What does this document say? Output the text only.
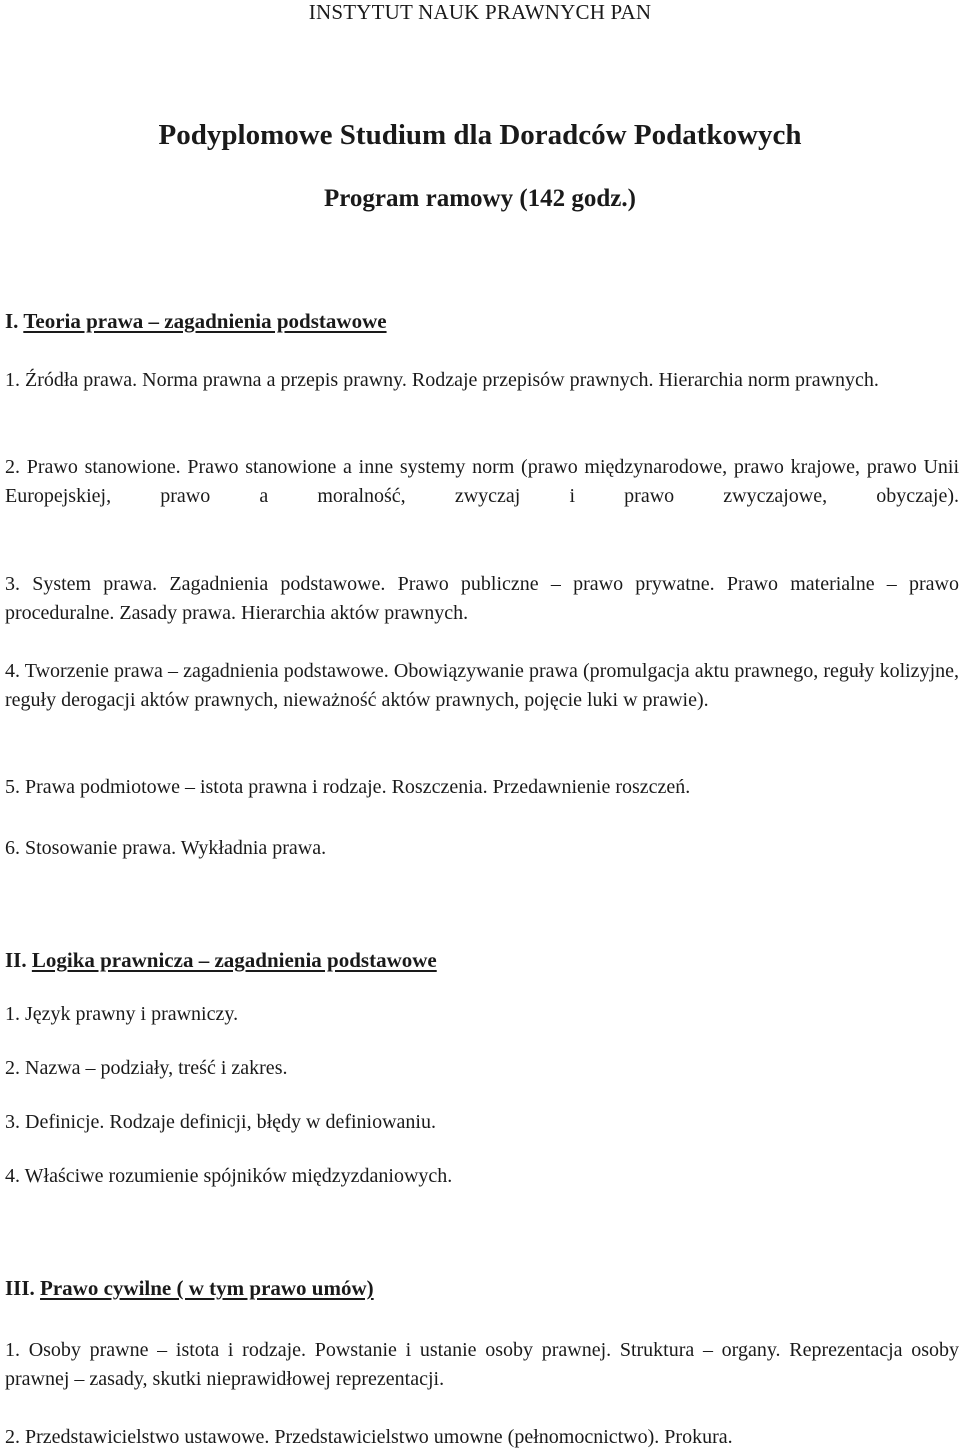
INSTYTUT NAUK PRAWNYCH PAN
Podyplomowe Studium dla Doradców Podatkowych
Program ramowy (142 godz.)
I. Teoria prawa – zagadnienia podstawowe
1. Źródła prawa. Norma prawna a przepis prawny. Rodzaje przepisów prawnych. Hierarchia norm prawnych.
2. Prawo stanowione. Prawo stanowione a inne systemy norm (prawo międzynarodowe, prawo krajowe, prawo Unii Europejskiej, prawo a moralność, zwyczaj i prawo zwyczajowe, obyczaje).
3. System prawa. Zagadnienia podstawowe. Prawo publiczne – prawo prywatne. Prawo materialne – prawo proceduralne. Zasady prawa. Hierarchia aktów prawnych.
4. Tworzenie prawa – zagadnienia podstawowe. Obowiązywanie prawa (promulgacja aktu prawnego, reguły kolizyjne, reguły derogacji aktów prawnych, nieważność aktów prawnych, pojęcie luki w prawie).
5. Prawa podmiotowe – istota prawna i rodzaje. Roszczenia. Przedawnienie roszczeń.
6. Stosowanie prawa. Wykładnia prawa.
II. Logika prawnicza – zagadnienia podstawowe
1. Język prawny i prawniczy.
2. Nazwa – podziały, treść i zakres.
3. Definicje. Rodzaje definicji, błędy w definiowaniu.
4. Właściwe rozumienie spójników międzyzdaniowych.
III. Prawo cywilne ( w tym prawo umów)
1. Osoby prawne – istota i rodzaje. Powstanie i ustanie osoby prawnej. Struktura – organy. Reprezentacja osoby prawnej – zasady, skutki nieprawidłowej reprezentacji.
2. Przedstawicielstwo ustawowe. Przedstawicielstwo umowne (pełnomocnictwo). Prokura.
